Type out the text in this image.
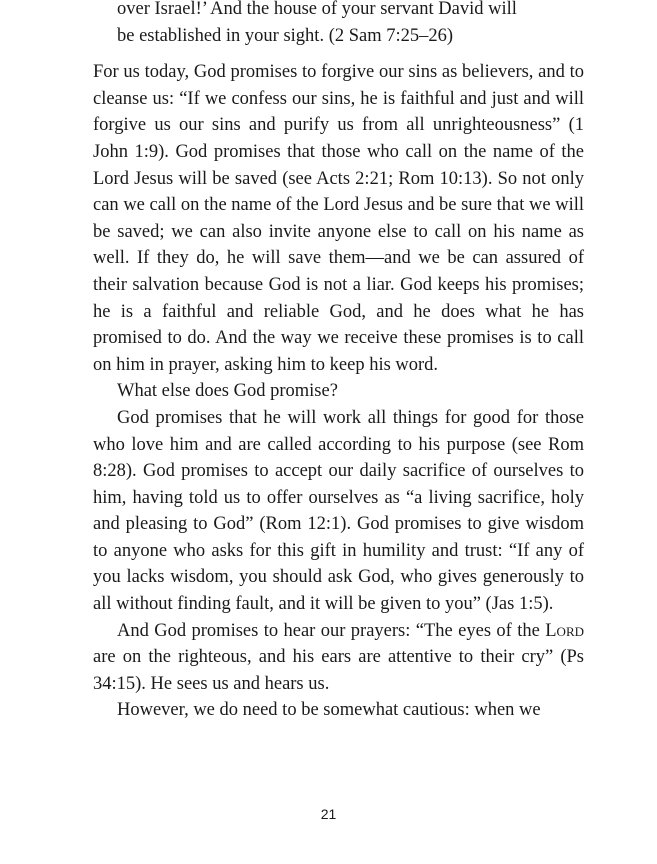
over Israel!’ And the house of your servant David will
be established in your sight. (2 Sam 7:25–26)

For us today, God promises to forgive our sins as believers, and to cleanse us: “If we confess our sins, he is faithful and just and will forgive us our sins and purify us from all unrighteousness” (1 John 1:9). God promises that those who call on the name of the Lord Jesus will be saved (see Acts 2:21; Rom 10:13). So not only can we call on the name of the Lord Jesus and be sure that we will be saved; we can also invite anyone else to call on his name as well. If they do, he will save them—and we be can assured of their salvation because God is not a liar. God keeps his promises; he is a faithful and reliable God, and he does what he has promised to do. And the way we receive these promises is to call on him in prayer, asking him to keep his word.

What else does God promise?

God promises that he will work all things for good for those who love him and are called according to his purpose (see Rom 8:28). God promises to accept our daily sacrifice of ourselves to him, having told us to offer ourselves as “a living sacrifice, holy and pleasing to God” (Rom 12:1). God promises to give wisdom to anyone who asks for this gift in humility and trust: “If any of you lacks wisdom, you should ask God, who gives generously to all without finding fault, and it will be given to you” (Jas 1:5).

And God promises to hear our prayers: “The eyes of the Lord are on the righteous, and his ears are attentive to their cry” (Ps 34:15). He sees us and hears us.

However, we do need to be somewhat cautious: when we

21
